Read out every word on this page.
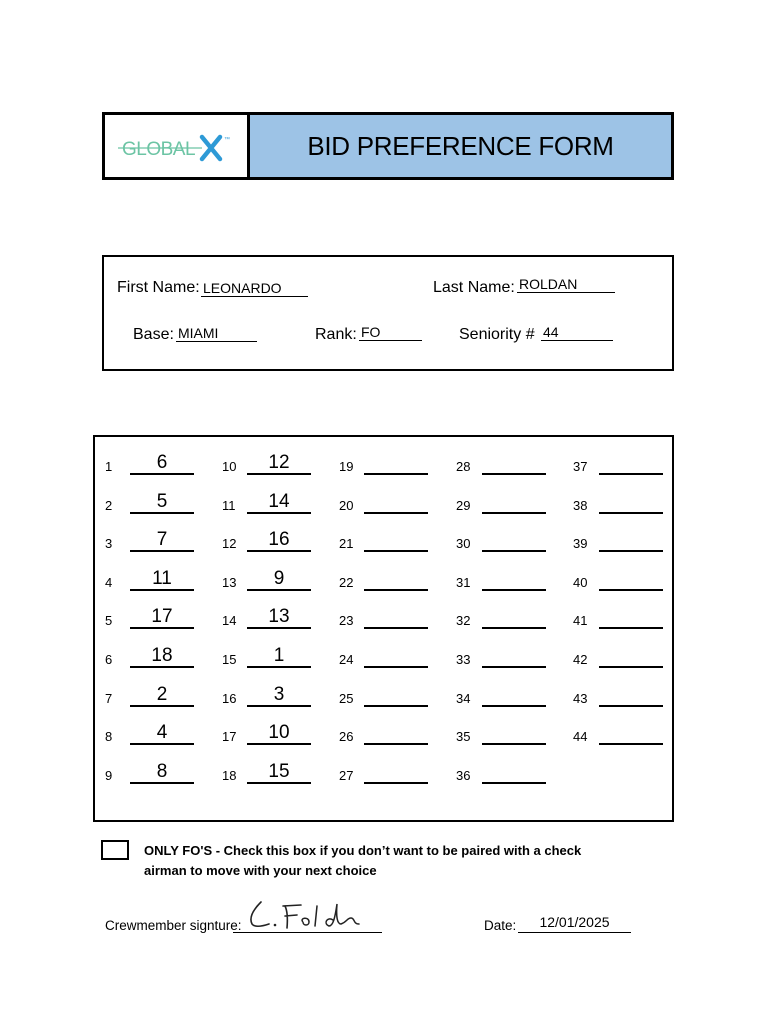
GLOBAL	™	BID PREFERENCE FORM
First Name: LEONARDO	Last Name: ROLDAN
Base: MIAMI	Rank: FO	Seniority # 44
1	6
2	5
3	7
4	11
5	17
6	18
7	2
8	4
9	8
10	12
11	14
12	16
13	9
14	13
15	1
16	3
17	10
18	15
19
20
21
22
23
24
25
26
27
28
29
30
31
32
33
34
35
36
37
38
39
40
41
42
43
44
ONLY FO'S - Check this box if you don’t want to be paired with a check airman to move with your next choice
Crewmember signture:	Date:	12/01/2025
